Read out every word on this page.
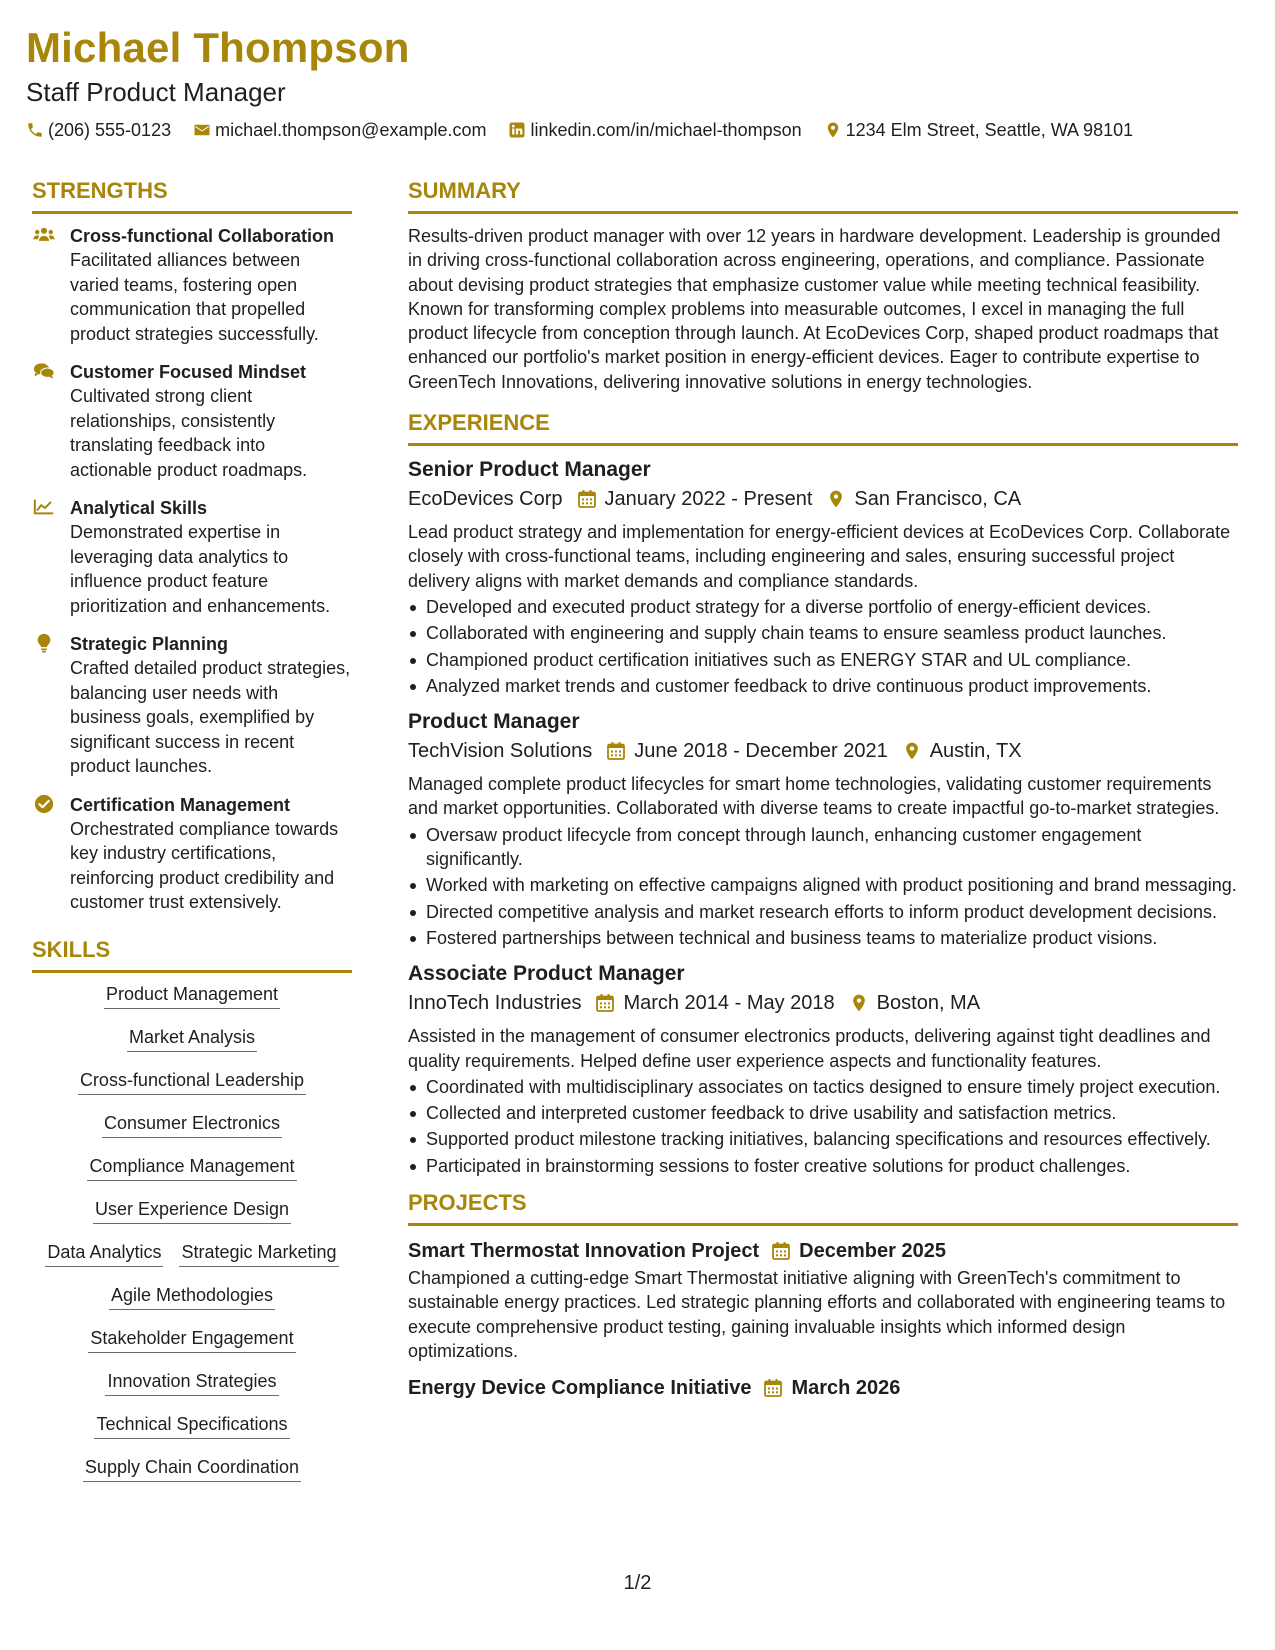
Michael Thompson
Staff Product Manager
(206) 555-0123 michael.thompson@example.com linkedin.com/in/michael-thompson 1234 Elm Street, Seattle, WA 98101
STRENGTHS
Cross-functional Collaboration
Facilitated alliances between varied teams, fostering open communication that propelled product strategies successfully.
Customer Focused Mindset
Cultivated strong client relationships, consistently translating feedback into actionable product roadmaps.
Analytical Skills
Demonstrated expertise in leveraging data analytics to influence product feature prioritization and enhancements.
Strategic Planning
Crafted detailed product strategies, balancing user needs with business goals, exemplified by significant success in recent product launches.
Certification Management
Orchestrated compliance towards key industry certifications, reinforcing product credibility and customer trust extensively.
SKILLS
Product Management
Market Analysis
Cross-functional Leadership
Consumer Electronics
Compliance Management
User Experience Design
Data Analytics Strategic Marketing
Agile Methodologies
Stakeholder Engagement
Innovation Strategies
Technical Specifications
Supply Chain Coordination
SUMMARY
Results-driven product manager with over 12 years in hardware development. Leadership is grounded in driving cross-functional collaboration across engineering, operations, and compliance. Passionate about devising product strategies that emphasize customer value while meeting technical feasibility. Known for transforming complex problems into measurable outcomes, I excel in managing the full product lifecycle from conception through launch. At EcoDevices Corp, shaped product roadmaps that enhanced our portfolio's market position in energy-efficient devices. Eager to contribute expertise to GreenTech Innovations, delivering innovative solutions in energy technologies.
EXPERIENCE
Senior Product Manager
EcoDevices Corp January 2022 - Present San Francisco, CA
Lead product strategy and implementation for energy-efficient devices at EcoDevices Corp. Collaborate closely with cross-functional teams, including engineering and sales, ensuring successful project delivery aligns with market demands and compliance standards.
Developed and executed product strategy for a diverse portfolio of energy-efficient devices.
Collaborated with engineering and supply chain teams to ensure seamless product launches.
Championed product certification initiatives such as ENERGY STAR and UL compliance.
Analyzed market trends and customer feedback to drive continuous product improvements.
Product Manager
TechVision Solutions June 2018 - December 2021 Austin, TX
Managed complete product lifecycles for smart home technologies, validating customer requirements and market opportunities. Collaborated with diverse teams to create impactful go-to-market strategies.
Oversaw product lifecycle from concept through launch, enhancing customer engagement significantly.
Worked with marketing on effective campaigns aligned with product positioning and brand messaging.
Directed competitive analysis and market research efforts to inform product development decisions.
Fostered partnerships between technical and business teams to materialize product visions.
Associate Product Manager
InnoTech Industries March 2014 - May 2018 Boston, MA
Assisted in the management of consumer electronics products, delivering against tight deadlines and quality requirements. Helped define user experience aspects and functionality features.
Coordinated with multidisciplinary associates on tactics designed to ensure timely project execution.
Collected and interpreted customer feedback to drive usability and satisfaction metrics.
Supported product milestone tracking initiatives, balancing specifications and resources effectively.
Participated in brainstorming sessions to foster creative solutions for product challenges.
PROJECTS
Smart Thermostat Innovation Project December 2025
Championed a cutting-edge Smart Thermostat initiative aligning with GreenTech's commitment to sustainable energy practices. Led strategic planning efforts and collaborated with engineering teams to execute comprehensive product testing, gaining invaluable insights which informed design optimizations.
Energy Device Compliance Initiative March 2026
1/2
